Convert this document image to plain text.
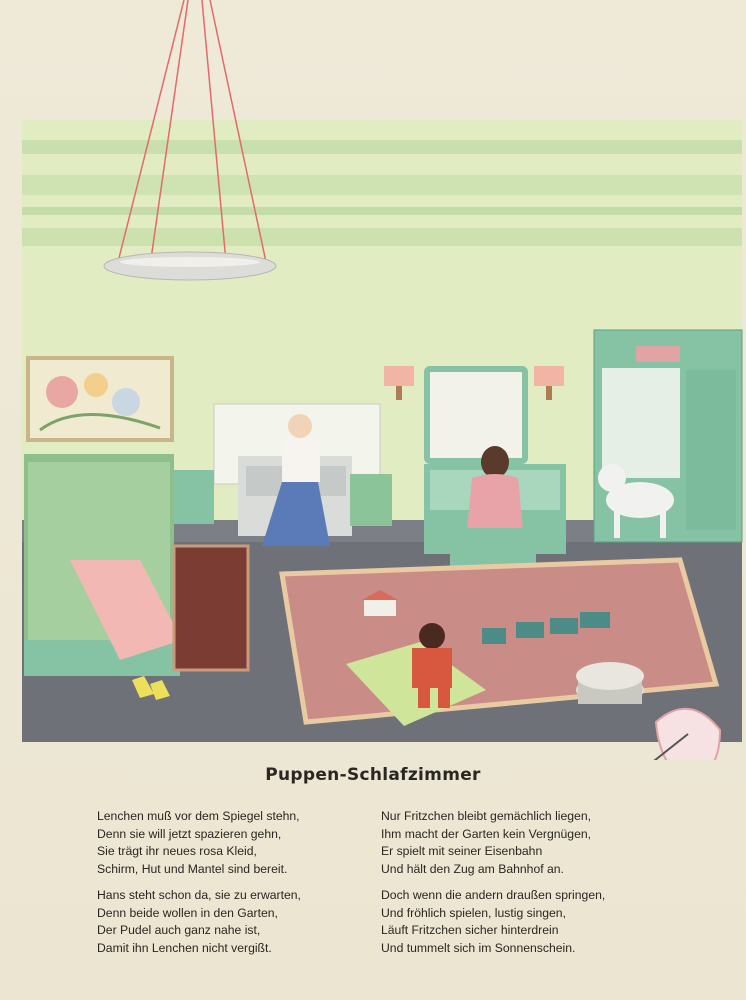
Puppen-Schlafzimmer
Lenchen muß vor dem Spiegel stehn,
Denn sie will jetzt spazieren gehn,
Sie trägt ihr neues rosa Kleid,
Schirm, Hut und Mantel sind bereit.
Hans steht schon da, sie zu erwarten,
Denn beide wollen in den Garten,
Der Pudel auch ganz nahe ist,
Damit ihn Lenchen nicht vergißt.
Nur Fritzchen bleibt gemächlich liegen,
Ihm macht der Garten kein Vergnügen,
Er spielt mit seiner Eisenbahn
Und hält den Zug am Bahnhof an.
Doch wenn die andern draußen springen,
Und fröhlich spielen, lustig singen,
Läuft Fritzchen sicher hinterdrein
Und tummelt sich im Sonnenschein.
